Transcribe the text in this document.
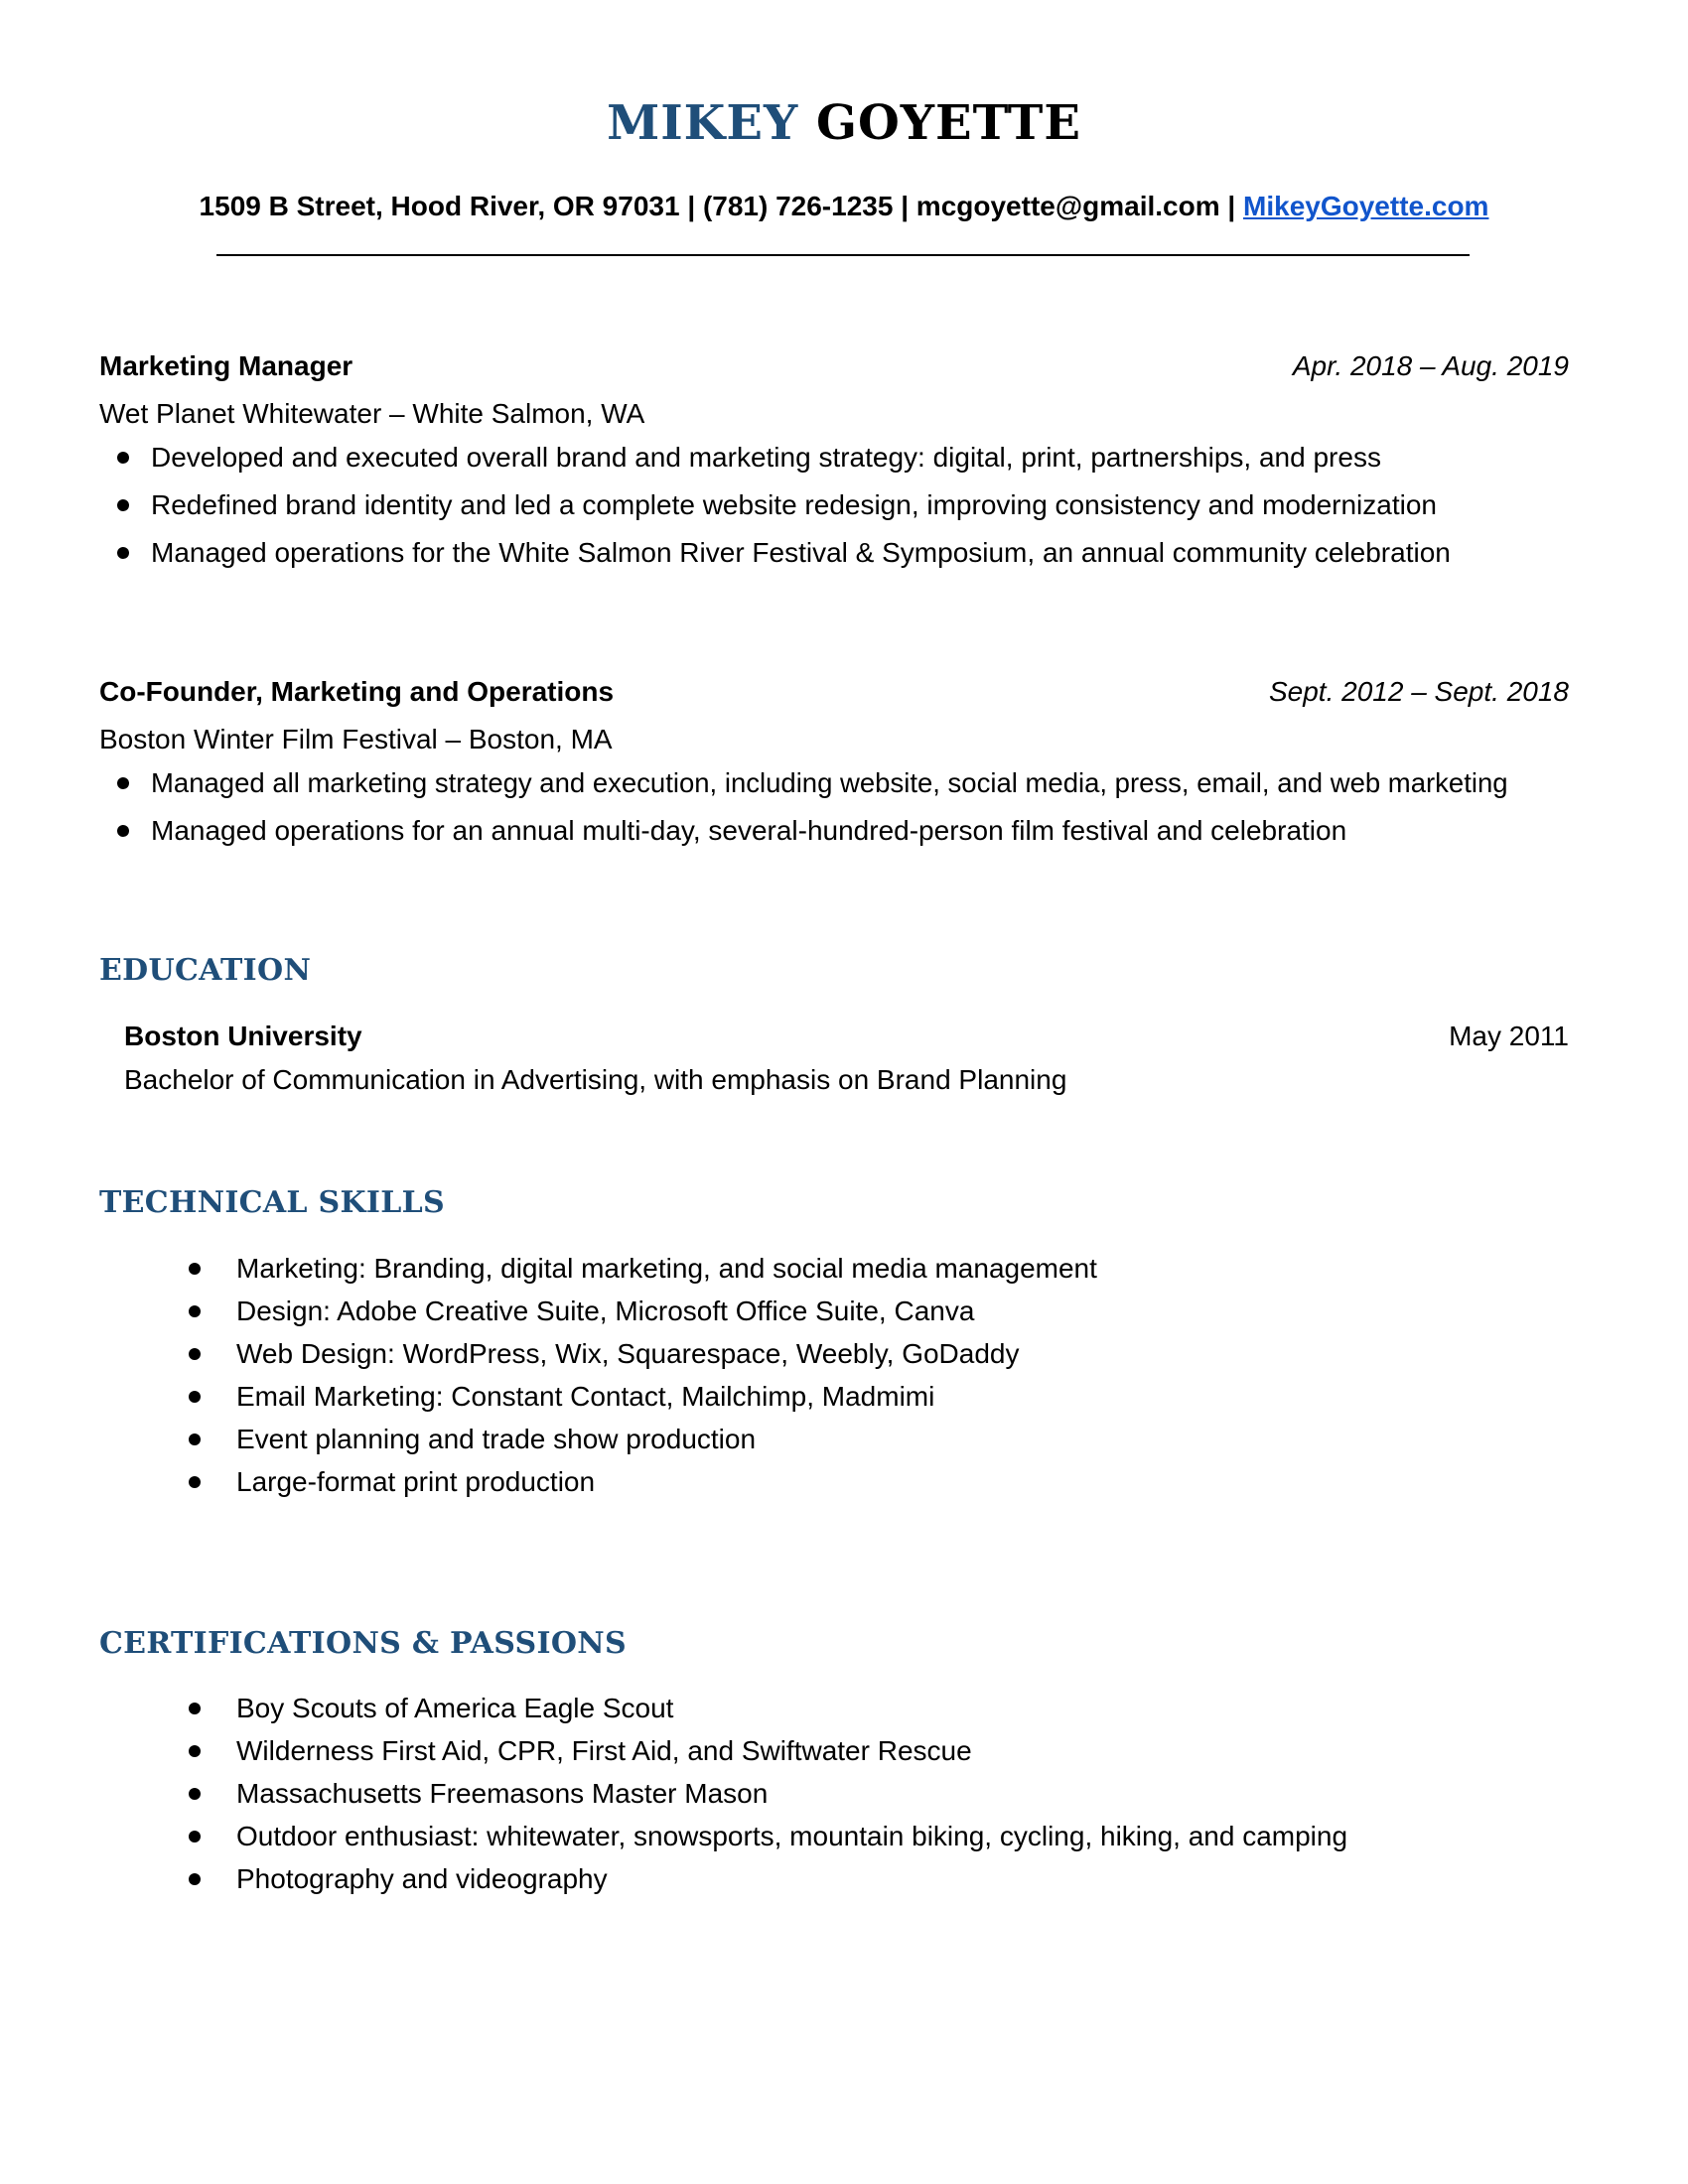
MIKEY GOYETTE
1509 B Street, Hood River, OR 97031 | (781) 726-1235 | mcgoyette@gmail.com | MikeyGoyette.com
Marketing Manager	Apr. 2018 – Aug. 2019
Wet Planet Whitewater – White Salmon, WA
Developed and executed overall brand and marketing strategy: digital, print, partnerships, and press
Redefined brand identity and led a complete website redesign, improving consistency and modernization
Managed operations for the White Salmon River Festival & Symposium, an annual community celebration
Co-Founder, Marketing and Operations	Sept. 2012 – Sept. 2018
Boston Winter Film Festival – Boston, MA
Managed all marketing strategy and execution, including website, social media, press, email, and web marketing
Managed operations for an annual multi-day, several-hundred-person film festival and celebration
EDUCATION
Boston University	May 2011
Bachelor of Communication in Advertising, with emphasis on Brand Planning
TECHNICAL SKILLS
Marketing: Branding, digital marketing, and social media management
Design: Adobe Creative Suite, Microsoft Office Suite, Canva
Web Design: WordPress, Wix, Squarespace, Weebly, GoDaddy
Email Marketing: Constant Contact, Mailchimp, Madmimi
Event planning and trade show production
Large-format print production
CERTIFICATIONS & PASSIONS
Boy Scouts of America Eagle Scout
Wilderness First Aid, CPR, First Aid, and Swiftwater Rescue
Massachusetts Freemasons Master Mason
Outdoor enthusiast: whitewater, snowsports, mountain biking, cycling, hiking, and camping
Photography and videography
